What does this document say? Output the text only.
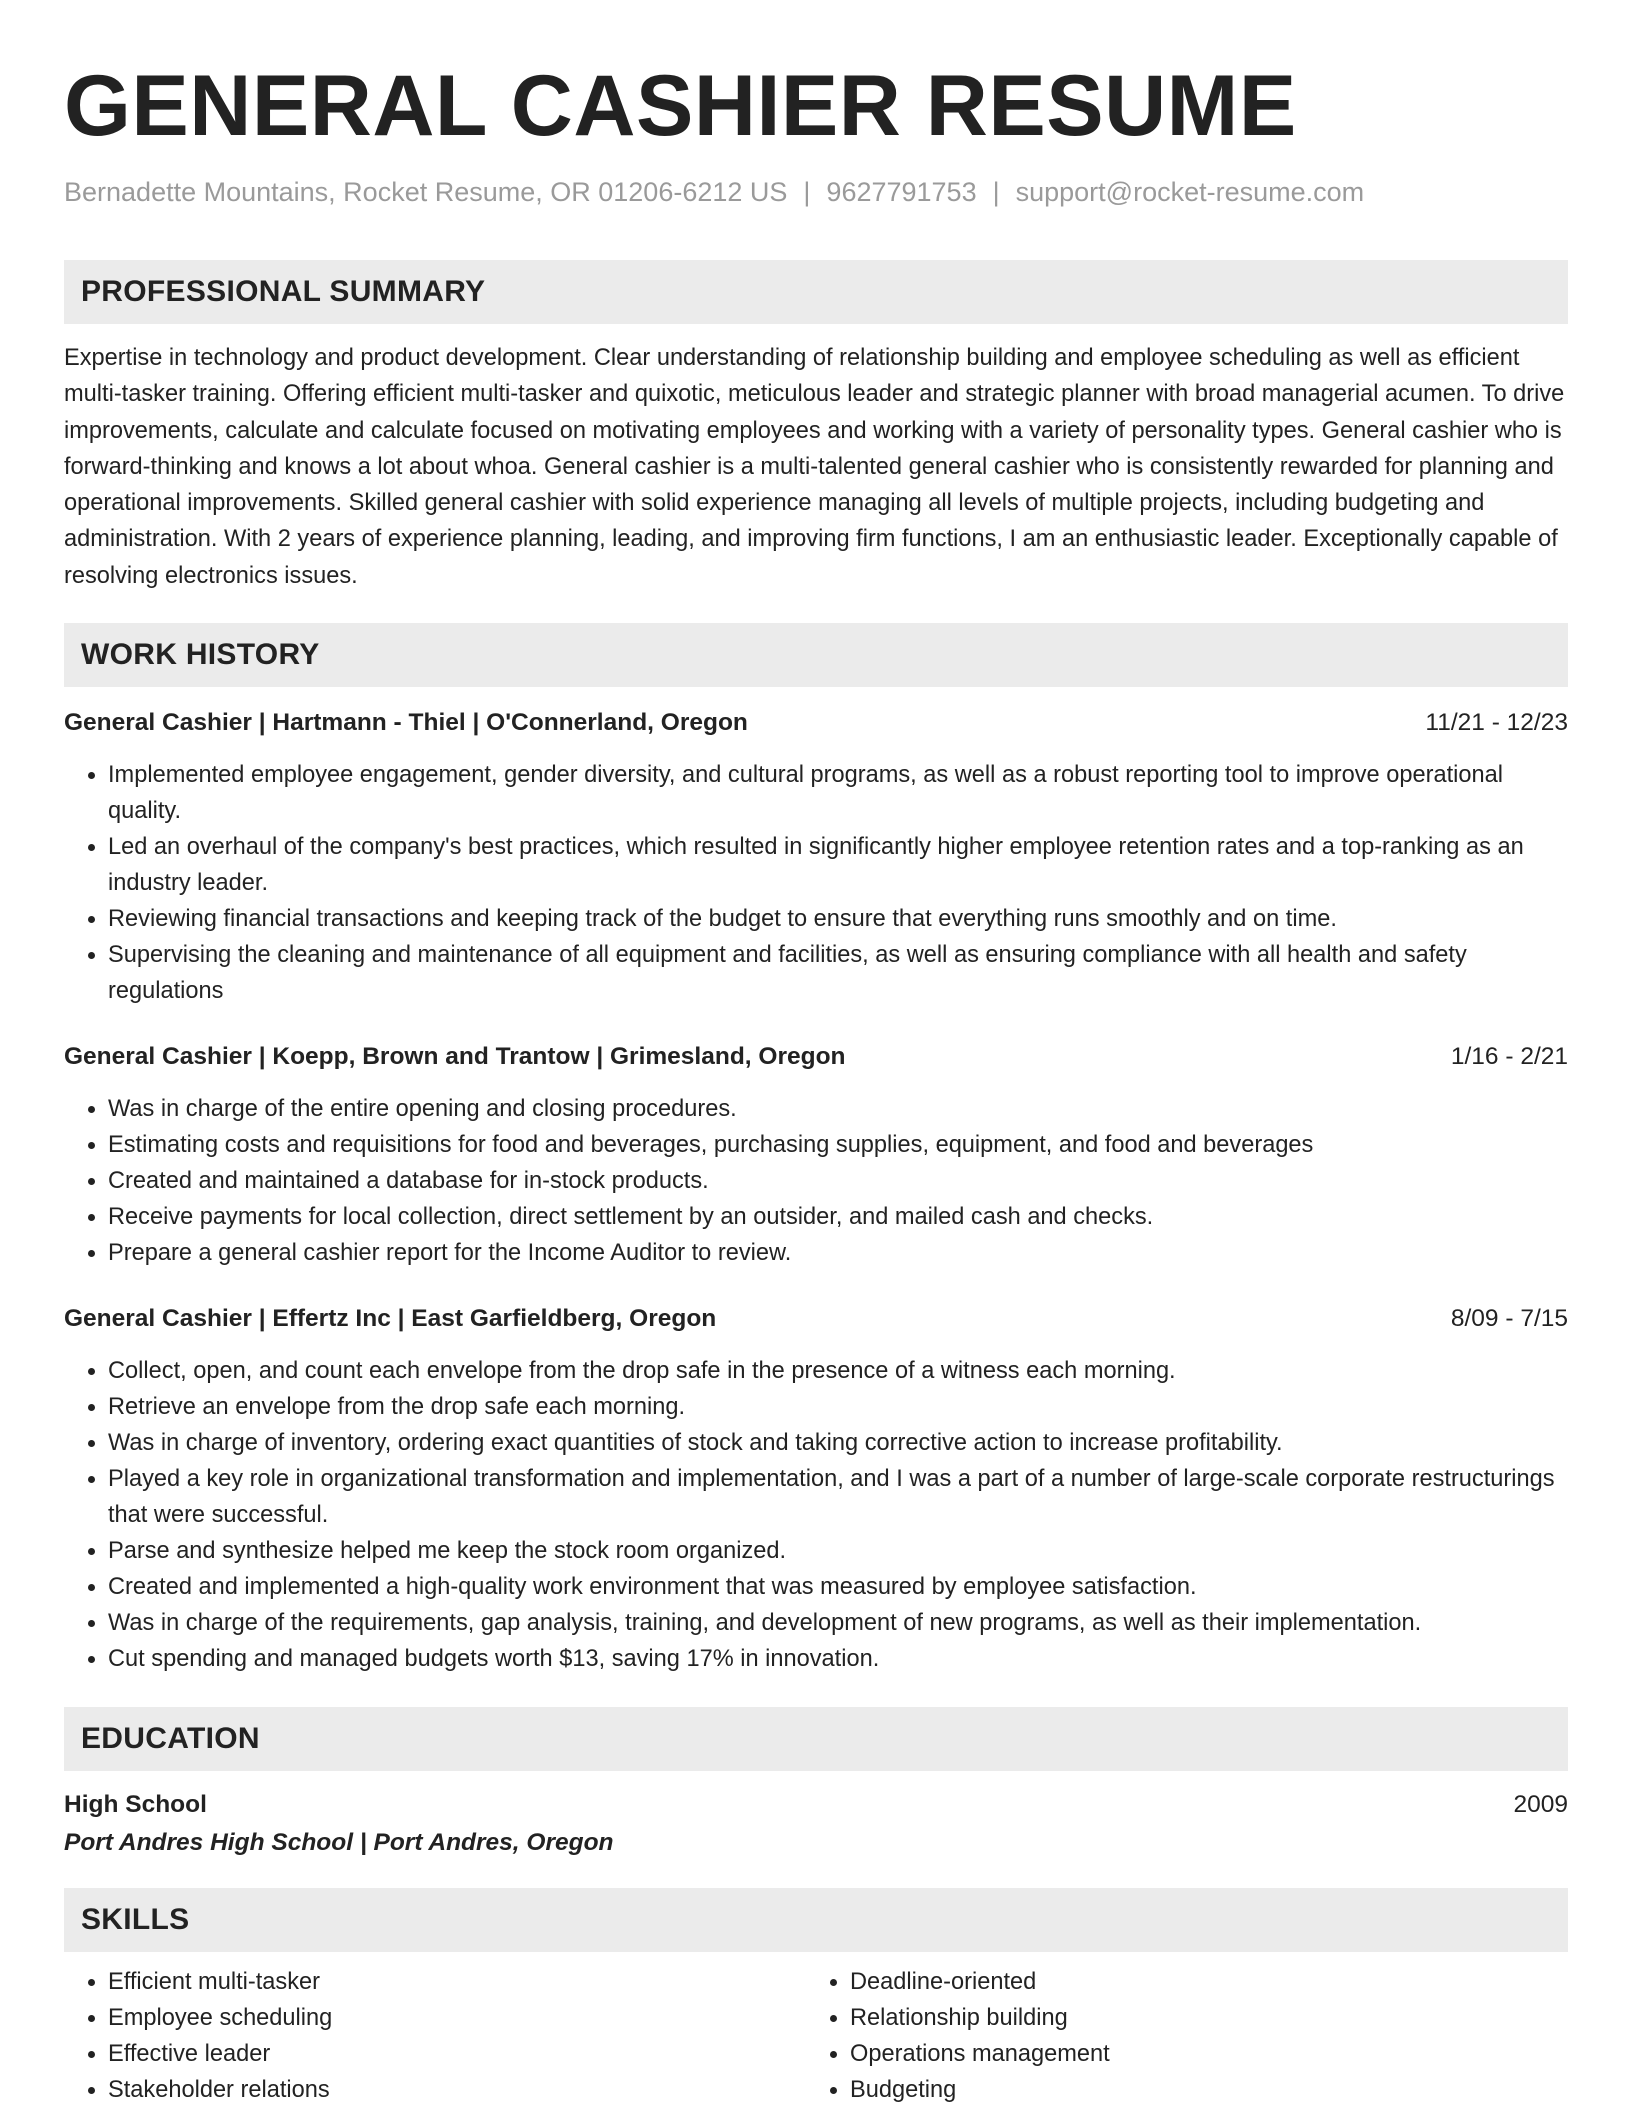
GENERAL CASHIER RESUME
Bernadette Mountains, Rocket Resume, OR 01206-6212 US | 9627791753 | support@rocket-resume.com
PROFESSIONAL SUMMARY
Expertise in technology and product development. Clear understanding of relationship building and employee scheduling as well as efficient multi-tasker training. Offering efficient multi-tasker and quixotic, meticulous leader and strategic planner with broad managerial acumen. To drive improvements, calculate and calculate focused on motivating employees and working with a variety of personality types. General cashier who is forward-thinking and knows a lot about whoa. General cashier is a multi-talented general cashier who is consistently rewarded for planning and operational improvements. Skilled general cashier with solid experience managing all levels of multiple projects, including budgeting and administration. With 2 years of experience planning, leading, and improving firm functions, I am an enthusiastic leader. Exceptionally capable of resolving electronics issues.
WORK HISTORY
General Cashier | Hartmann - Thiel | O'Connerland, Oregon	11/21 - 12/23
• Implemented employee engagement, gender diversity, and cultural programs, as well as a robust reporting tool to improve operational quality.
• Led an overhaul of the company's best practices, which resulted in significantly higher employee retention rates and a top-ranking as an industry leader.
• Reviewing financial transactions and keeping track of the budget to ensure that everything runs smoothly and on time.
• Supervising the cleaning and maintenance of all equipment and facilities, as well as ensuring compliance with all health and safety regulations
General Cashier | Koepp, Brown and Trantow | Grimesland, Oregon	1/16 - 2/21
• Was in charge of the entire opening and closing procedures.
• Estimating costs and requisitions for food and beverages, purchasing supplies, equipment, and food and beverages
• Created and maintained a database for in-stock products.
• Receive payments for local collection, direct settlement by an outsider, and mailed cash and checks.
• Prepare a general cashier report for the Income Auditor to review.
General Cashier | Effertz Inc | East Garfieldberg, Oregon	8/09 - 7/15
• Collect, open, and count each envelope from the drop safe in the presence of a witness each morning.
• Retrieve an envelope from the drop safe each morning.
• Was in charge of inventory, ordering exact quantities of stock and taking corrective action to increase profitability.
• Played a key role in organizational transformation and implementation, and I was a part of a number of large-scale corporate restructurings that were successful.
• Parse and synthesize helped me keep the stock room organized.
• Created and implemented a high-quality work environment that was measured by employee satisfaction.
• Was in charge of the requirements, gap analysis, training, and development of new programs, as well as their implementation.
• Cut spending and managed budgets worth $13, saving 17% in innovation.
EDUCATION
High School	2009
Port Andres High School | Port Andres, Oregon
SKILLS
• Efficient multi-tasker
• Employee scheduling
• Effective leader
• Stakeholder relations
• Deadline-oriented
• Relationship building
• Operations management
• Budgeting
